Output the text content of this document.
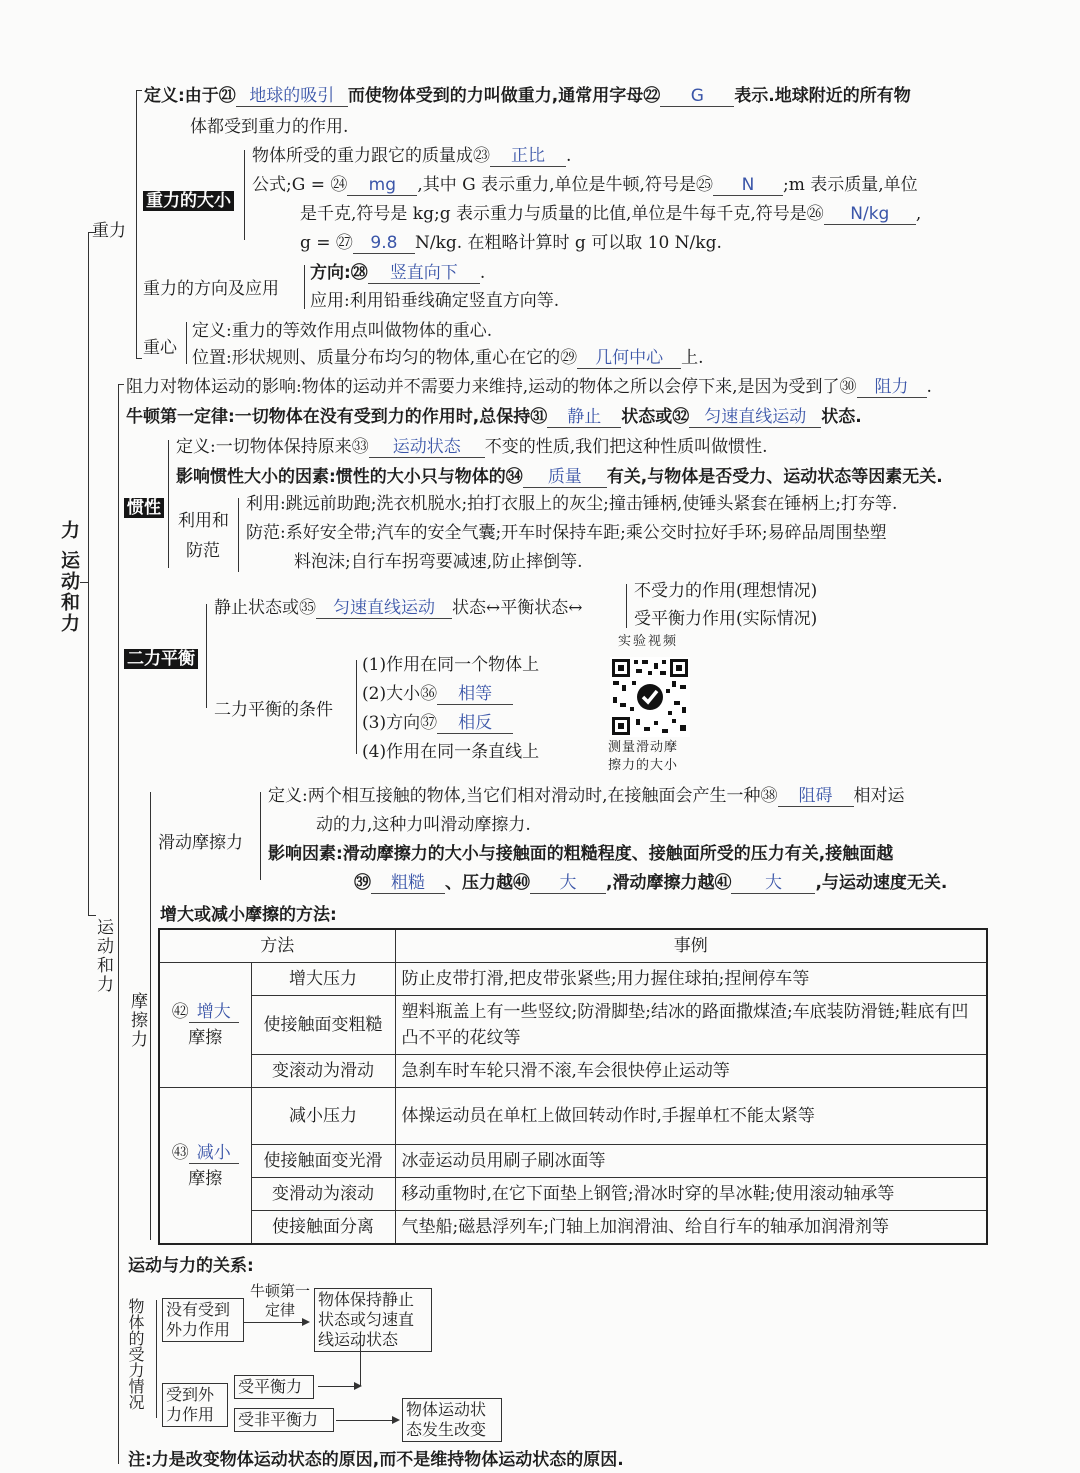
力 运动和力
重力
定义:由于㉑ 地球的吸引 而使物体受到的力叫做重力,通常用字母㉒ G 表示.地球附近的所有物
体都受到重力的作用.
重力的大小
物体所受的重力跟它的质量成㉓ 正比 .
公式;G = ㉔ mg ,其中 G 表示重力,单位是牛顿,符号是㉕ N ;m 表示质量,单位
是千克,符号是 kg;g 表示重力与质量的比值,单位是牛每千克,符号是㉖ N/kg ,
g = ㉗ 9.8 N/kg. 在粗略计算时 g 可以取 10 N/kg.
重力的方向及应用
方向:㉘ 竖直向下 .
应用:利用铅垂线确定竖直方向等.
重心
定义:重力的等效作用点叫做物体的重心.
位置:形状规则、质量分布均匀的物体,重心在它的㉙ 几何中心 上.
运动和力
阻力对物体运动的影响:物体的运动并不需要力来维持,运动的物体之所以会停下来,是因为受到了㉚ 阻力 .
牛顿第一定律:一切物体在没有受到力的作用时,总保持㉛ 静止 状态或㉜ 匀速直线运动 状态.
惯性
定义:一切物体保持原来㉝ 运动状态 不变的性质,我们把这种性质叫做惯性.
影响惯性大小的因素:惯性的大小只与物体的㉞ 质量 有关,与物体是否受力、运动状态等因素无关.
利用和
防范
利用:跳远前助跑;洗衣机脱水;拍打衣服上的灰尘;撞击锤柄,使锤头紧套在锤柄上;打夯等.
防范:系好安全带;汽车的安全气囊;开车时保持车距;乘公交时拉好手环;易碎品周围垫塑
料泡沫;自行车拐弯要减速,防止摔倒等.
二力平衡
静止状态或㉟ 匀速直线运动 状态↔平衡状态↔
不受力的作用(理想情况)
受平衡力作用(实际情况)
二力平衡的条件
(1)作用在同一个物体上
(2)大小㊱ 相等
(3)方向㊲ 相反
(4)作用在同一条直线上
实验视频
测量滑动摩
擦力的大小
摩擦力
滑动摩擦力
定义:两个相互接触的物体,当它们相对滑动时,在接触面会产生一种㊳ 阻碍 相对运
动的力,这种力叫滑动摩擦力.
影响因素:滑动摩擦力的大小与接触面的粗糙程度、接触面所受的压力有关,接触面越
㊴ 粗糙 、压力越㊵ 大 ,滑动摩擦力越㊶ 大 ,与运动速度无关.
增大或减小摩擦的方法:
方法		事例
㊷ 增大
摩擦	增大压力	防止皮带打滑,把皮带张紧些;用力握住球拍;捏闸停车等
	使接触面变粗糙	塑料瓶盖上有一些竖纹;防滑脚垫;结冰的路面撒煤渣;车底装防滑链;鞋底有凹凸不平的花纹等
	变滚动为滑动	急刹车时车轮只滑不滚,车会很快停止运动等
㊸ 减小
摩擦	减小压力	体操运动员在单杠上做回转动作时,手握单杠不能太紧等
	使接触面变光滑	冰壶运动员用刷子刷冰面等
	变滑动为滚动	移动重物时,在它下面垫上钢管;滑冰时穿的旱冰鞋;使用滚动轴承等
	使接触面分离	气垫船;磁悬浮列车;门轴上加润滑油、给自行车的轴承加润滑剂等
运动与力的关系:
物体的受力情况 没有受到外力作用
牛顿第一定律
物体保持静止状态或匀速直线运动状态
受到外力作用
受平衡力
受非平衡力
物体运动状态发生改变
注:力是改变物体运动状态的原因,而不是维持物体运动状态的原因.
